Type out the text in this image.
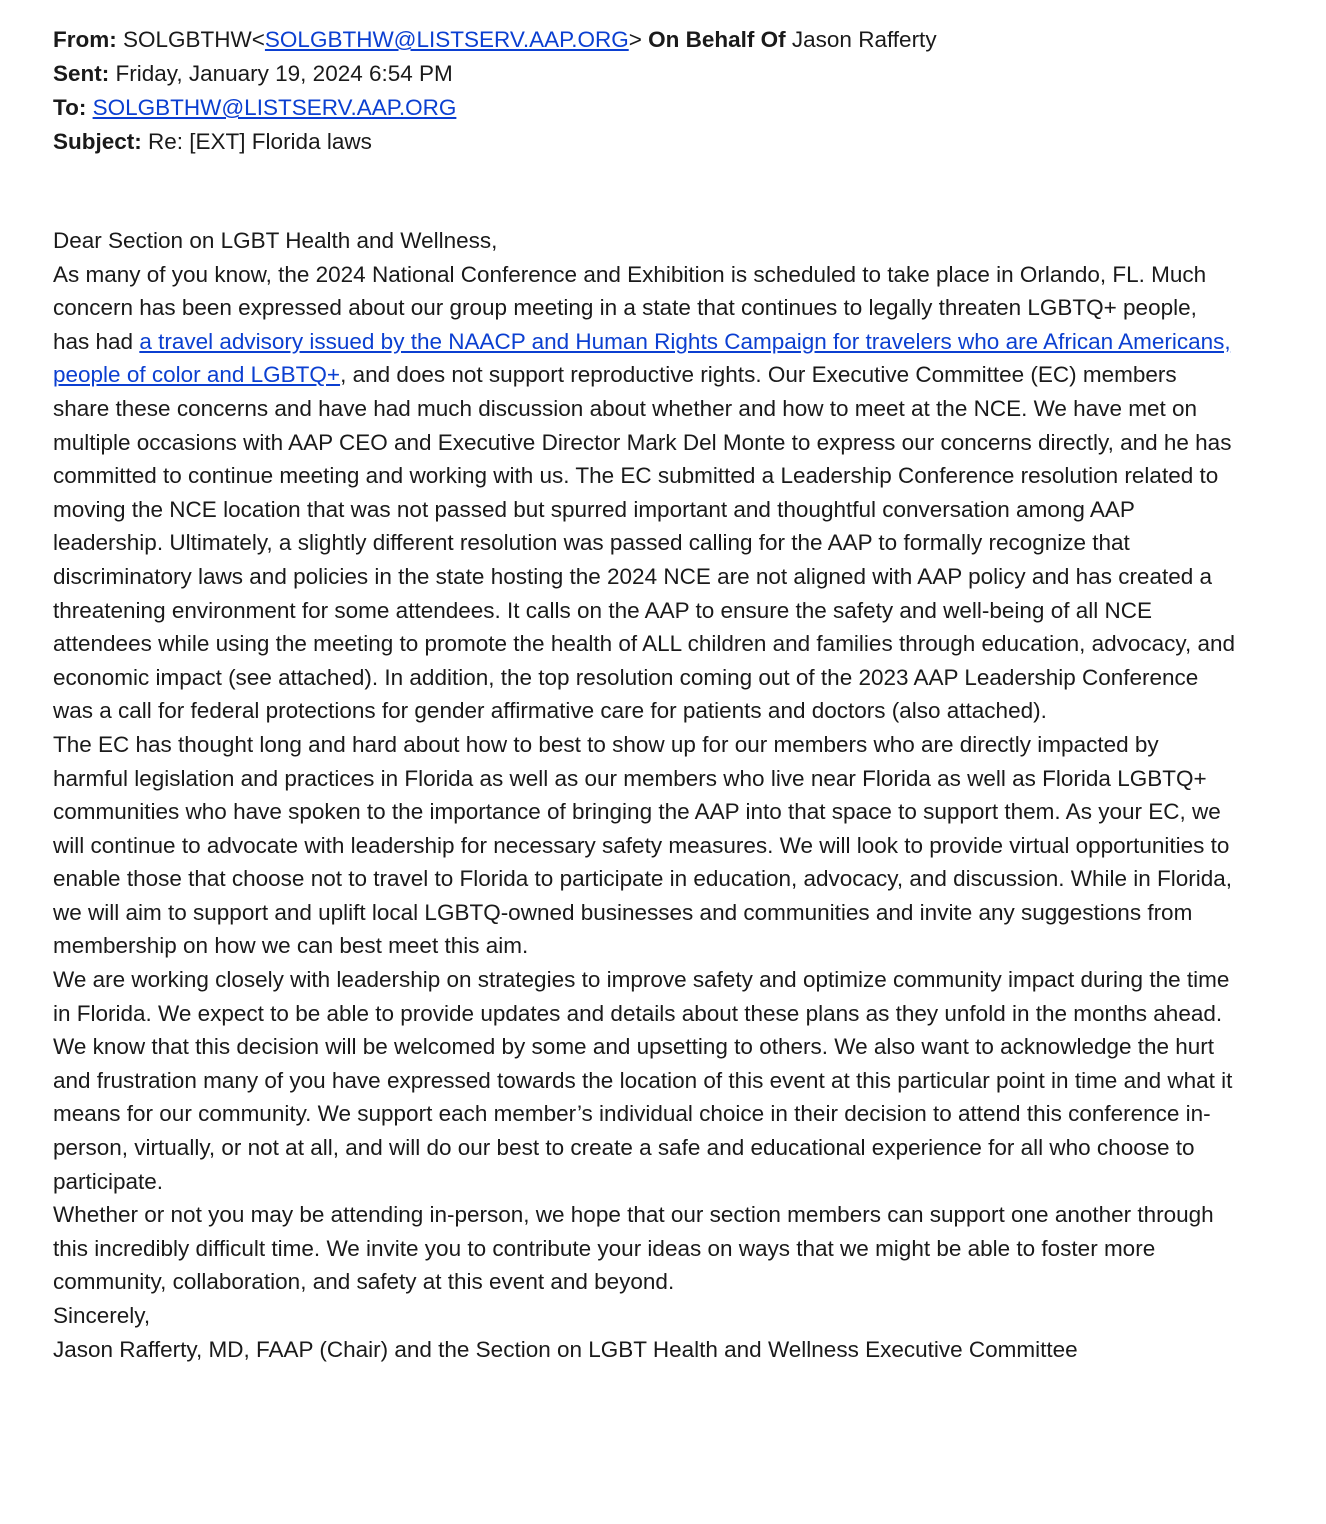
From: SOLGBTHW<SOLGBTHW@LISTSERV.AAP.ORG> On Behalf Of Jason Rafferty
Sent: Friday, January 19, 2024 6:54 PM
To: SOLGBTHW@LISTSERV.AAP.ORG
Subject: Re: [EXT] Florida laws

Dear Section on LGBT Health and Wellness,

As many of you know, the 2024 National Conference and Exhibition is scheduled to take place in Orlando, FL. Much concern has been expressed about our group meeting in a state that continues to legally threaten LGBTQ+ people, has had a travel advisory issued by the NAACP and Human Rights Campaign for travelers who are African Americans, people of color and LGBTQ+, and does not support reproductive rights. Our Executive Committee (EC) members share these concerns and have had much discussion about whether and how to meet at the NCE. We have met on multiple occasions with AAP CEO and Executive Director Mark Del Monte to express our concerns directly, and he has committed to continue meeting and working with us. The EC submitted a Leadership Conference resolution related to moving the NCE location that was not passed but spurred important and thoughtful conversation among AAP leadership. Ultimately, a slightly different resolution was passed calling for the AAP to formally recognize that discriminatory laws and policies in the state hosting the 2024 NCE are not aligned with AAP policy and has created a threatening environment for some attendees. It calls on the AAP to ensure the safety and well-being of all NCE attendees while using the meeting to promote the health of ALL children and families through education, advocacy, and economic impact (see attached). In addition, the top resolution coming out of the 2023 AAP Leadership Conference was a call for federal protections for gender affirmative care for patients and doctors (also attached).

The EC has thought long and hard about how to best to show up for our members who are directly impacted by harmful legislation and practices in Florida as well as our members who live near Florida as well as Florida LGBTQ+ communities who have spoken to the importance of bringing the AAP into that space to support them. As your EC, we will continue to advocate with leadership for necessary safety measures. We will look to provide virtual opportunities to enable those that choose not to travel to Florida to participate in education, advocacy, and discussion. While in Florida, we will aim to support and uplift local LGBTQ-owned businesses and communities and invite any suggestions from membership on how we can best meet this aim.

We are working closely with leadership on strategies to improve safety and optimize community impact during the time in Florida. We expect to be able to provide updates and details about these plans as they unfold in the months ahead.

We know that this decision will be welcomed by some and upsetting to others. We also want to acknowledge the hurt and frustration many of you have expressed towards the location of this event at this particular point in time and what it means for our community. We support each member’s individual choice in their decision to attend this conference in-person, virtually, or not at all, and will do our best to create a safe and educational experience for all who choose to participate.

Whether or not you may be attending in-person, we hope that our section members can support one another through this incredibly difficult time. We invite you to contribute your ideas on ways that we might be able to foster more community, collaboration, and safety at this event and beyond.

Sincerely,

Jason Rafferty, MD, FAAP (Chair) and the Section on LGBT Health and Wellness Executive Committee
